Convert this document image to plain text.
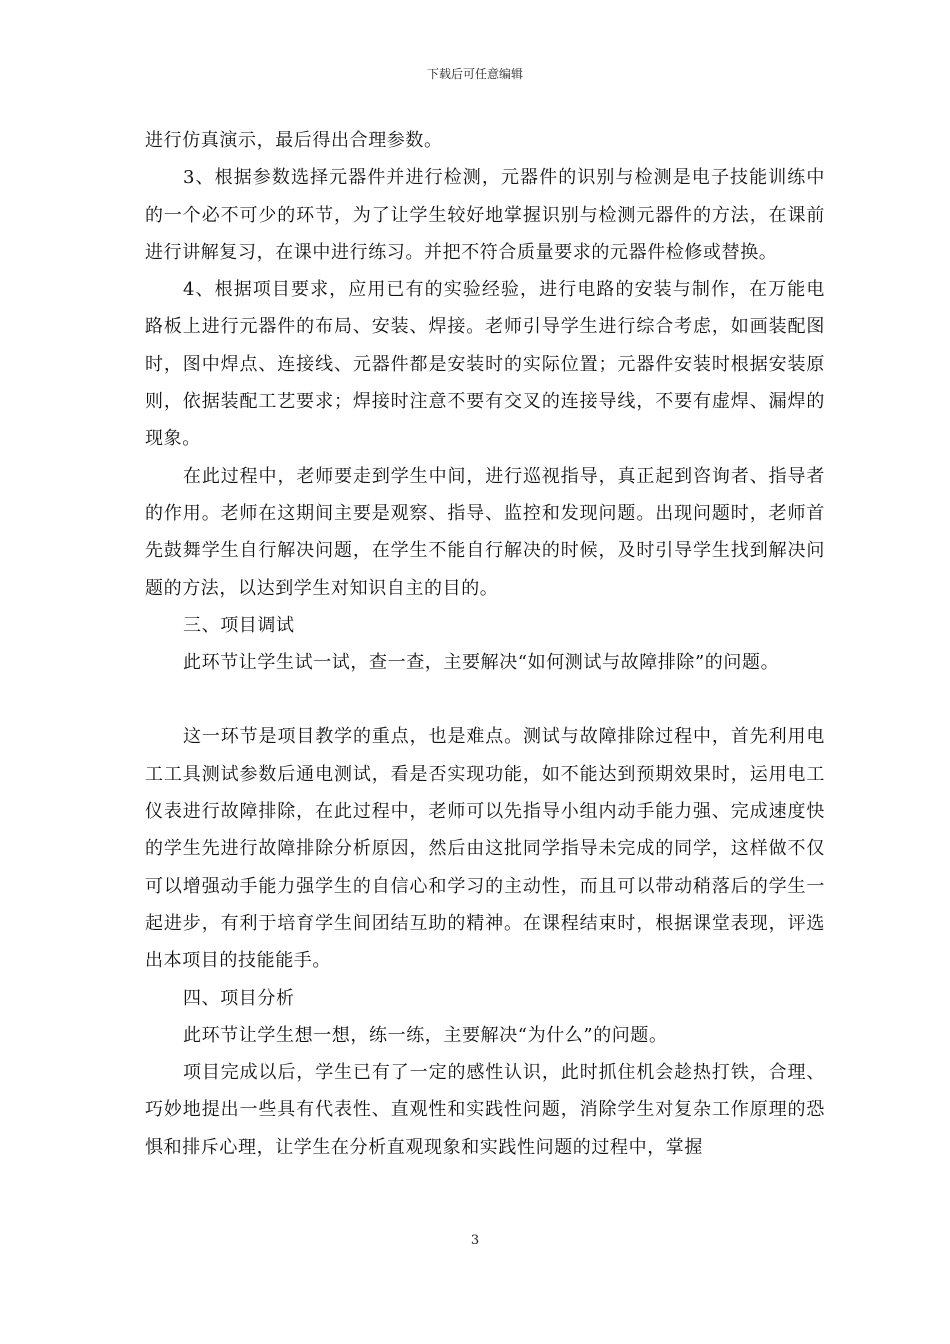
下载后可任意编辑

进行仿真演示，最后得出合理参数。

3、根据参数选择元器件并进行检测，元器件的识别与检测是电子技能训练中的一个必不可少的环节，为了让学生较好地掌握识别与检测元器件的方法，在课前进行讲解复习，在课中进行练习。并把不符合质量要求的元器件检修或替换。

4、根据项目要求，应用已有的实验经验，进行电路的安装与制作，在万能电路板上进行元器件的布局、安装、焊接。老师引导学生进行综合考虑，如画装配图时，图中焊点、连接线、元器件都是安装时的实际位置；元器件安装时根据安装原则，依据装配工艺要求；焊接时注意不要有交叉的连接导线，不要有虚焊、漏焊的现象。

在此过程中，老师要走到学生中间，进行巡视指导，真正起到咨询者、指导者的作用。老师在这期间主要是观察、指导、监控和发现问题。出现问题时，老师首先鼓舞学生自行解决问题，在学生不能自行解决的时候，及时引导学生找到解决问题的方法，以达到学生对知识自主的目的。

三、项目调试

此环节让学生试一试，查一查，主要解决“如何测试与故障排除”的问题。

这一环节是项目教学的重点，也是难点。测试与故障排除过程中，首先利用电工工具测试参数后通电测试，看是否实现功能，如不能达到预期效果时，运用电工仪表进行故障排除，在此过程中，老师可以先指导小组内动手能力强、完成速度快的学生先进行故障排除分析原因，然后由这批同学指导未完成的同学，这样做不仅可以增强动手能力强学生的自信心和学习的主动性，而且可以带动稍落后的学生一起进步，有利于培育学生间团结互助的精神。在课程结束时，根据课堂表现，评选出本项目的技能能手。

四、项目分析

此环节让学生想一想，练一练，主要解决“为什么”的问题。

项目完成以后，学生已有了一定的感性认识，此时抓住机会趁热打铁，合理、巧妙地提出一些具有代表性、直观性和实践性问题，消除学生对复杂工作原理的恐惧和排斥心理，让学生在分析直观现象和实践性问题的过程中，掌握

3
